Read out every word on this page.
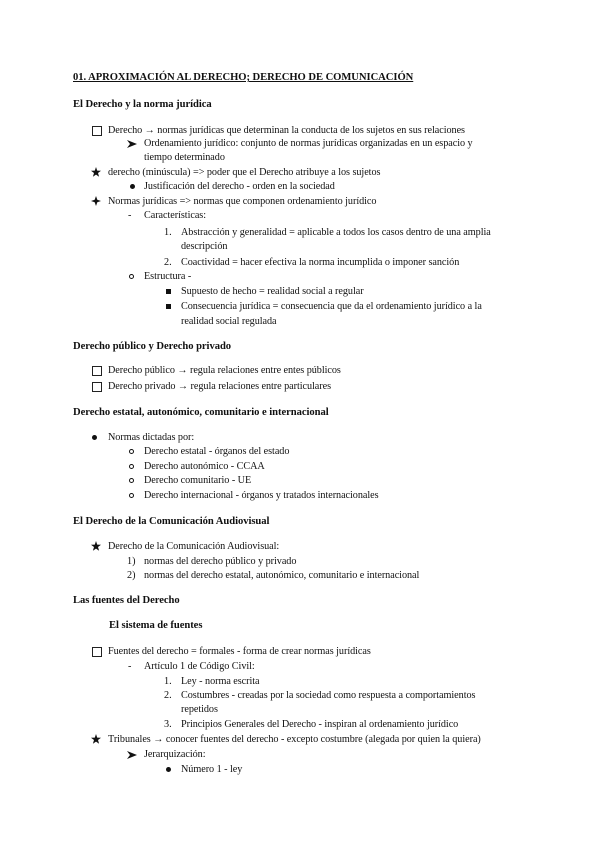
01. APROXIMACIÓN AL DERECHO; DERECHO DE COMUNICACIÓN
El Derecho y la norma jurídica
Derecho → normas jurídicas que determinan la conducta de los sujetos en sus relaciones
Ordenamiento jurídico: conjunto de normas jurídicas organizadas en un espacio y
tiempo determinado
derecho (minúscula) => poder que el Derecho atribuye a los sujetos
Justificación del derecho - orden en la sociedad
Normas jurídicas => normas que componen ordenamiento jurídico
- Características:
1. Abstracción y generalidad = aplicable a todos los casos dentro de una amplia
descripción
2. Coactividad = hacer efectiva la norma incumplida o imponer sanción
Estructura -
Supuesto de hecho = realidad social a regular
Consecuencia jurídica = consecuencia que da el ordenamiento jurídico a la
realidad social regulada
Derecho público y Derecho privado
Derecho público → regula relaciones entre entes públicos
Derecho privado → regula relaciones entre particulares
Derecho estatal, autonómico, comunitario e internacional
Normas dictadas por:
Derecho estatal - órganos del estado
Derecho autonómico - CCAA
Derecho comunitario - UE
Derecho internacional - órganos y tratados internacionales
El Derecho de la Comunicación Audiovisual
Derecho de la Comunicación Audiovisual:
1) normas del derecho público y privado
2) normas del derecho estatal, autonómico, comunitario e internacional
Las fuentes del Derecho
El sistema de fuentes
Fuentes del derecho = formales - forma de crear normas jurídicas
- Artículo 1 de Código Civil:
1. Ley - norma escrita
2. Costumbres - creadas por la sociedad como respuesta a comportamientos
repetidos
3. Principios Generales del Derecho - inspiran al ordenamiento jurídico
Tribunales → conocer fuentes del derecho - excepto costumbre (alegada por quien la quiera)
Jerarquización:
Número 1 - ley
